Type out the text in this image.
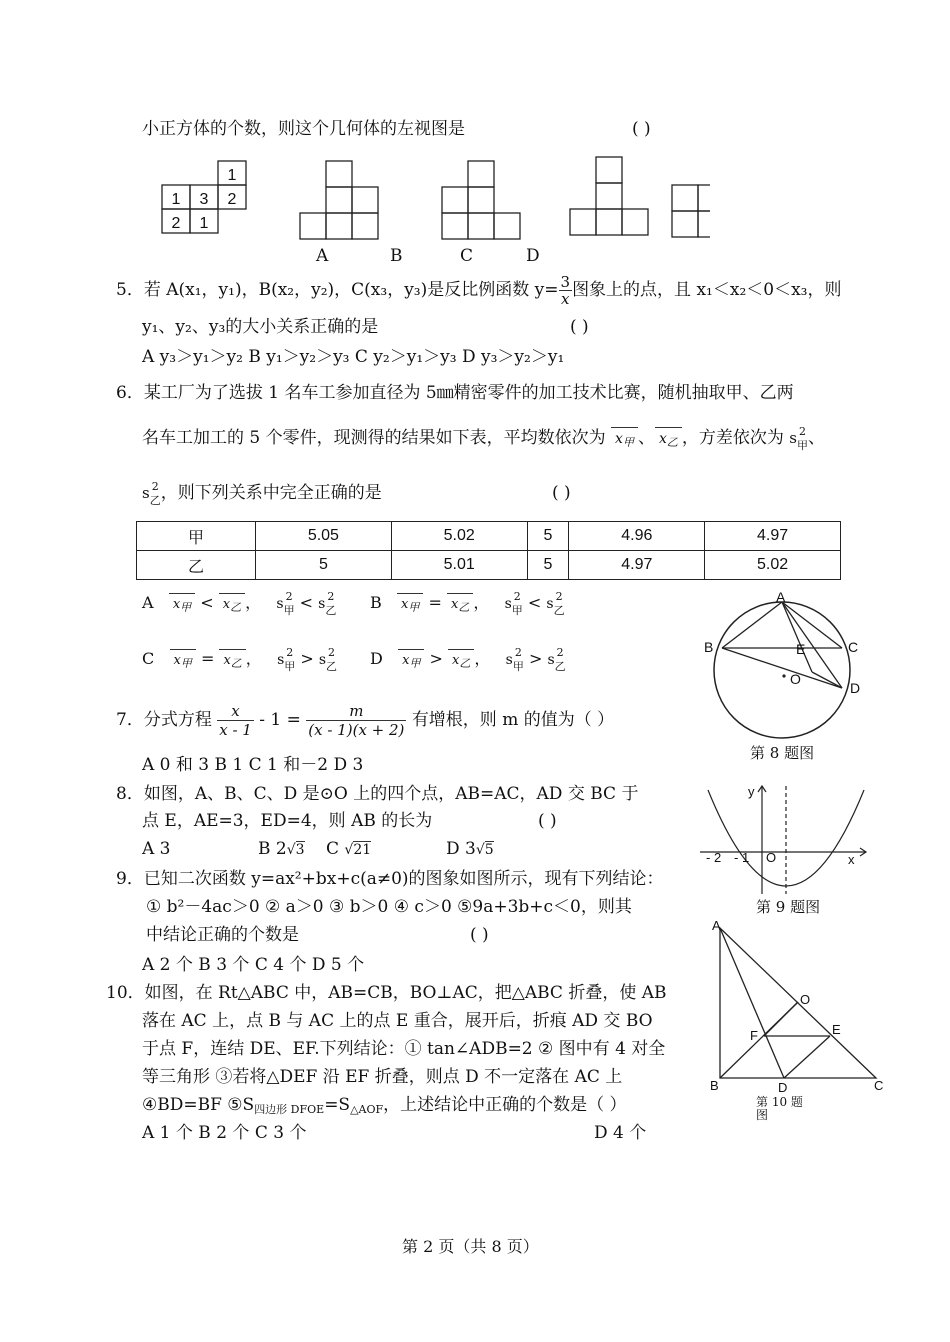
小正方体的个数，则这个几何体的左视图是	( )
1
1 3 2
2 1
A	B	C	D
5．若 A(x₁，y₁)，B(x₂，y₂)，C(x₃，y₃)是反比例函数 $y= \frac{3}{x}$ 图象上的点，且 x₁＜x₂＜0＜x₃，则
y₁、y₂、y₃的大小关系正确的是	( )
A y₃＞y₁＞y₂ B y₁＞y₂＞y₃ C y₂＞y₁＞y₃ D y₃＞y₂＞y₁
6．某工厂为了选拔 1 名车工参加直径为 5㎜精密零件的加工技术比赛，随机抽取甲、乙两
名车工加工的 5 个零件，现测得的结果如下表，平均数依次为 $x_甲$ 、 $x_乙$ ，方差依次为 s 2
甲 、
s 2
乙 ，则下列关系中完全正确的是	( )
甲	5.05	5.02	5	4.96	4.97
乙	5	5.01	5	4.97	5.02
A $x_甲 < x_乙$ ， s 2
甲 < s 2
乙 B $x_甲 = x_乙$ ， s 2
甲 < s 2
乙
C $x_甲 = x_乙$ ， s 2
甲 > s 2
乙 D $x_甲 > x_乙$ ， s 2
甲 > s 2
乙
A
B	C
D
E
O
第 8 题图
7．分式方程 $\frac{x}{x - 1} - 1 = \frac{m}{(x - 1)(x + 2)}$ 有增根，则 m 的值为（ ）
A 0 和 3 B 1 C 1 和－2 D 3
8．如图，A、B、C、D 是⊙O 上的四个点，AB=AC，AD 交 BC 于
点 E，AE=3，ED=4，则 AB 的长为	( )
A 3	B 2√3 C √21	D 3√5
y
x
O
- 2 - 1
第 9 题图
9．已知二次函数 y=ax²+bx+c(a≠0)的图象如图所示，现有下列结论：
① b²－4ac＞0 ② a＞0 ③ b＞0 ④ c＞0 ⑤9a+3b+c＜0，则其
中结论正确的个数是	( )
A 2 个 B 3 个 C 4 个 D 5 个
A
B	C
D
E
F
O
第 10 题
图
10．如图，在 Rt△ABC 中，AB=CB，BO⊥AC，把△ABC 折叠，使 AB
落在 AC 上，点 B 与 AC 上的点 E 重合，展开后，折痕 AD 交 BO
于点 F，连结 DE、EF.下列结论：① tan∠ADB=2 ② 图中有 4 对全
等三角形 ③若将△DEF 沿 EF 折叠，则点 D 不一定落在 AC 上
④BD=BF $⑤S_{四边形 DFOE}=S_{\triangle AOF}$，上述结论中正确的个数是（ ）
A 1 个 B 2 个 C 3 个	D 4 个
第 2 页（共 8 页）
